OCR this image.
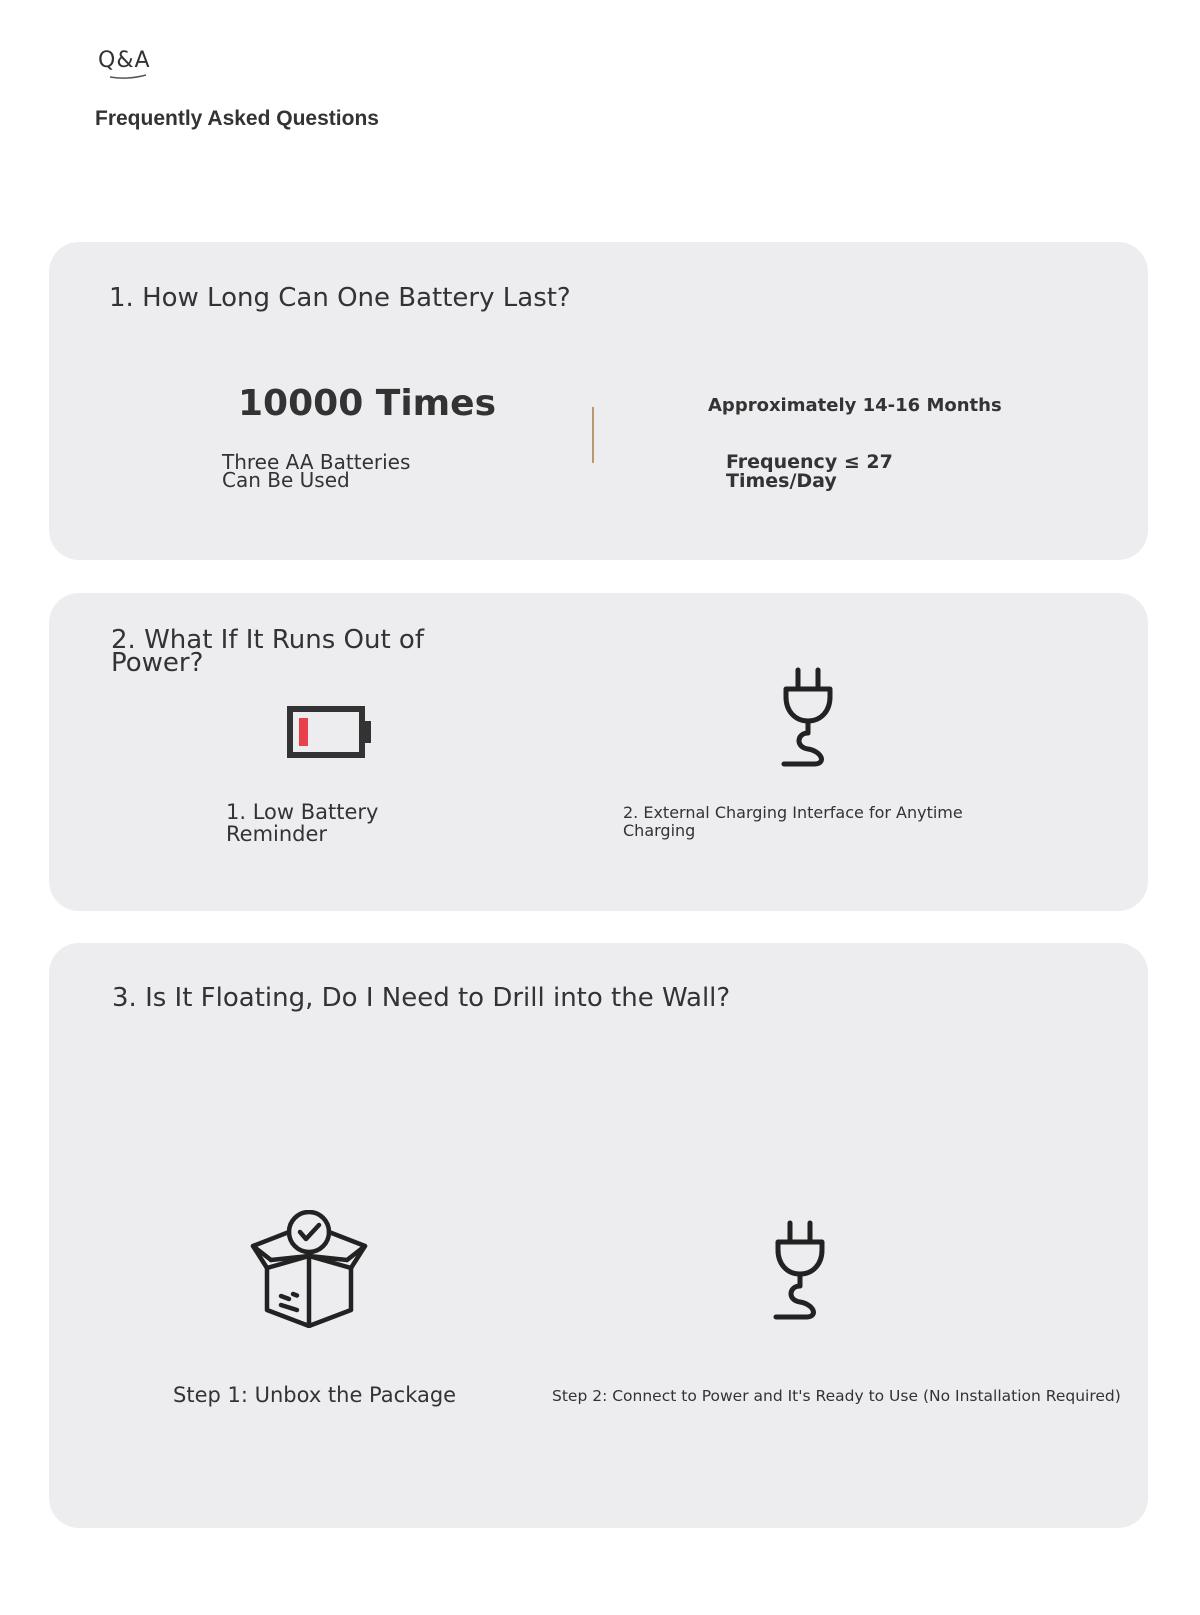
Q&A
Frequently Asked Questions
1. How Long Can One Battery Last?
10000 Times
Three AA Batteries
Can Be Used
Approximately 14-16 Months
Frequency ≤ 27
Times/Day
2. What If It Runs Out of
Power?
1. Low Battery
Reminder
2. External Charging Interface for Anytime
Charging
3. Is It Floating, Do I Need to Drill into the Wall?
Step 1: Unbox the Package	Step 2: Connect to Power and It's Ready to Use (No Installation Required)
